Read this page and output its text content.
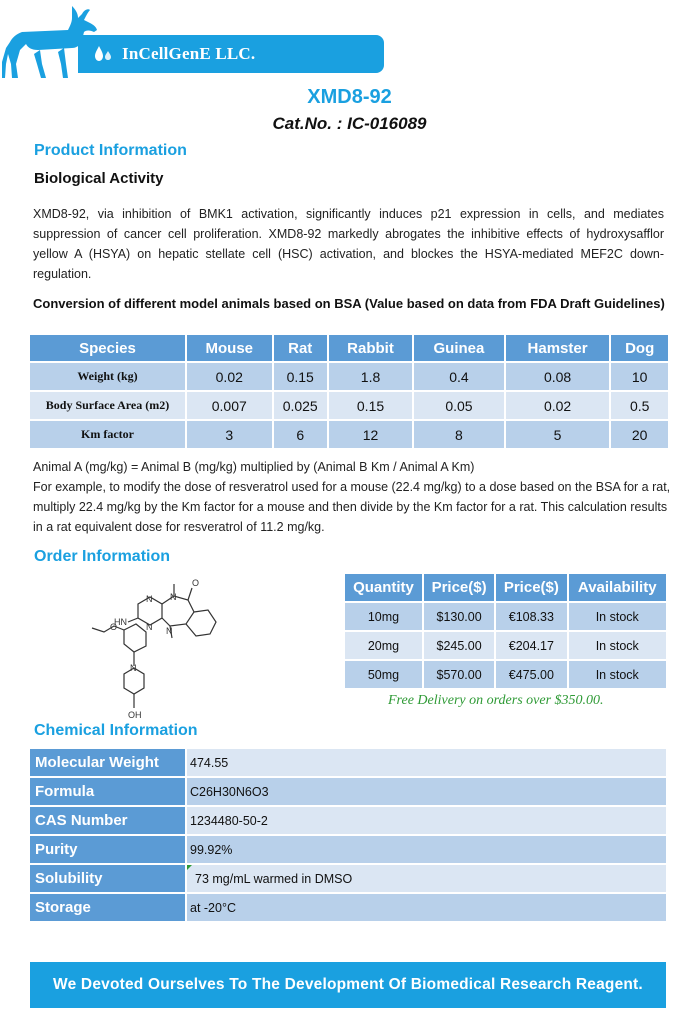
InCellGenE LLC.
XMD8-92
Cat.No. : IC-016089
Product Information
Biological Activity
XMD8-92, via inhibition of BMK1 activation, significantly induces p21 expression in cells, and mediates suppression of cancer cell proliferation. XMD8-92 markedly abrogates the inhibitive effects of hydroxysafflor yellow A (HSYA) on hepatic stellate cell (HSC) activation, and blockes the HSYA-mediated MEF2C down-regulation.
Conversion of different model animals based on BSA (Value based on data from FDA Draft Guidelines)
Species	Mouse	Rat	Rabbit	Guinea	Hamster	Dog
Weight (kg)	0.02	0.15	1.8	0.4	0.08	10
Body Surface Area (m2)	0.007	0.025	0.15	0.05	0.02	0.5
Km factor	3	6	12	8	5	20
Animal A (mg/kg) = Animal B (mg/kg) multiplied by (Animal B Km / Animal A Km)
For example, to modify the dose of resveratrol used for a mouse (22.4 mg/kg) to a dose based on the BSA for a rat, multiply 22.4 mg/kg by the Km factor for a mouse and then divide by the Km factor for a rat. This calculation results in a rat equivalent dose for resveratrol of 11.2 mg/kg.
Order Information
O
N
N
N
N
HN
O
N
OH
Quantity	Price($)	Price($)	Availability
10mg	$130.00	€108.33	In stock
20mg	$245.00	€204.17	In stock
50mg	$570.00	€475.00	In stock
Free Delivery on orders over $350.00.
Chemical Information
Molecular Weight	474.55
Formula	C26H30N6O3
CAS Number	1234480-50-2
Purity	99.92%
Solubility	73 mg/mL warmed in DMSO
Storage	at -20°C
We Devoted Ourselves To The Development Of Biomedical Research Reagent.
